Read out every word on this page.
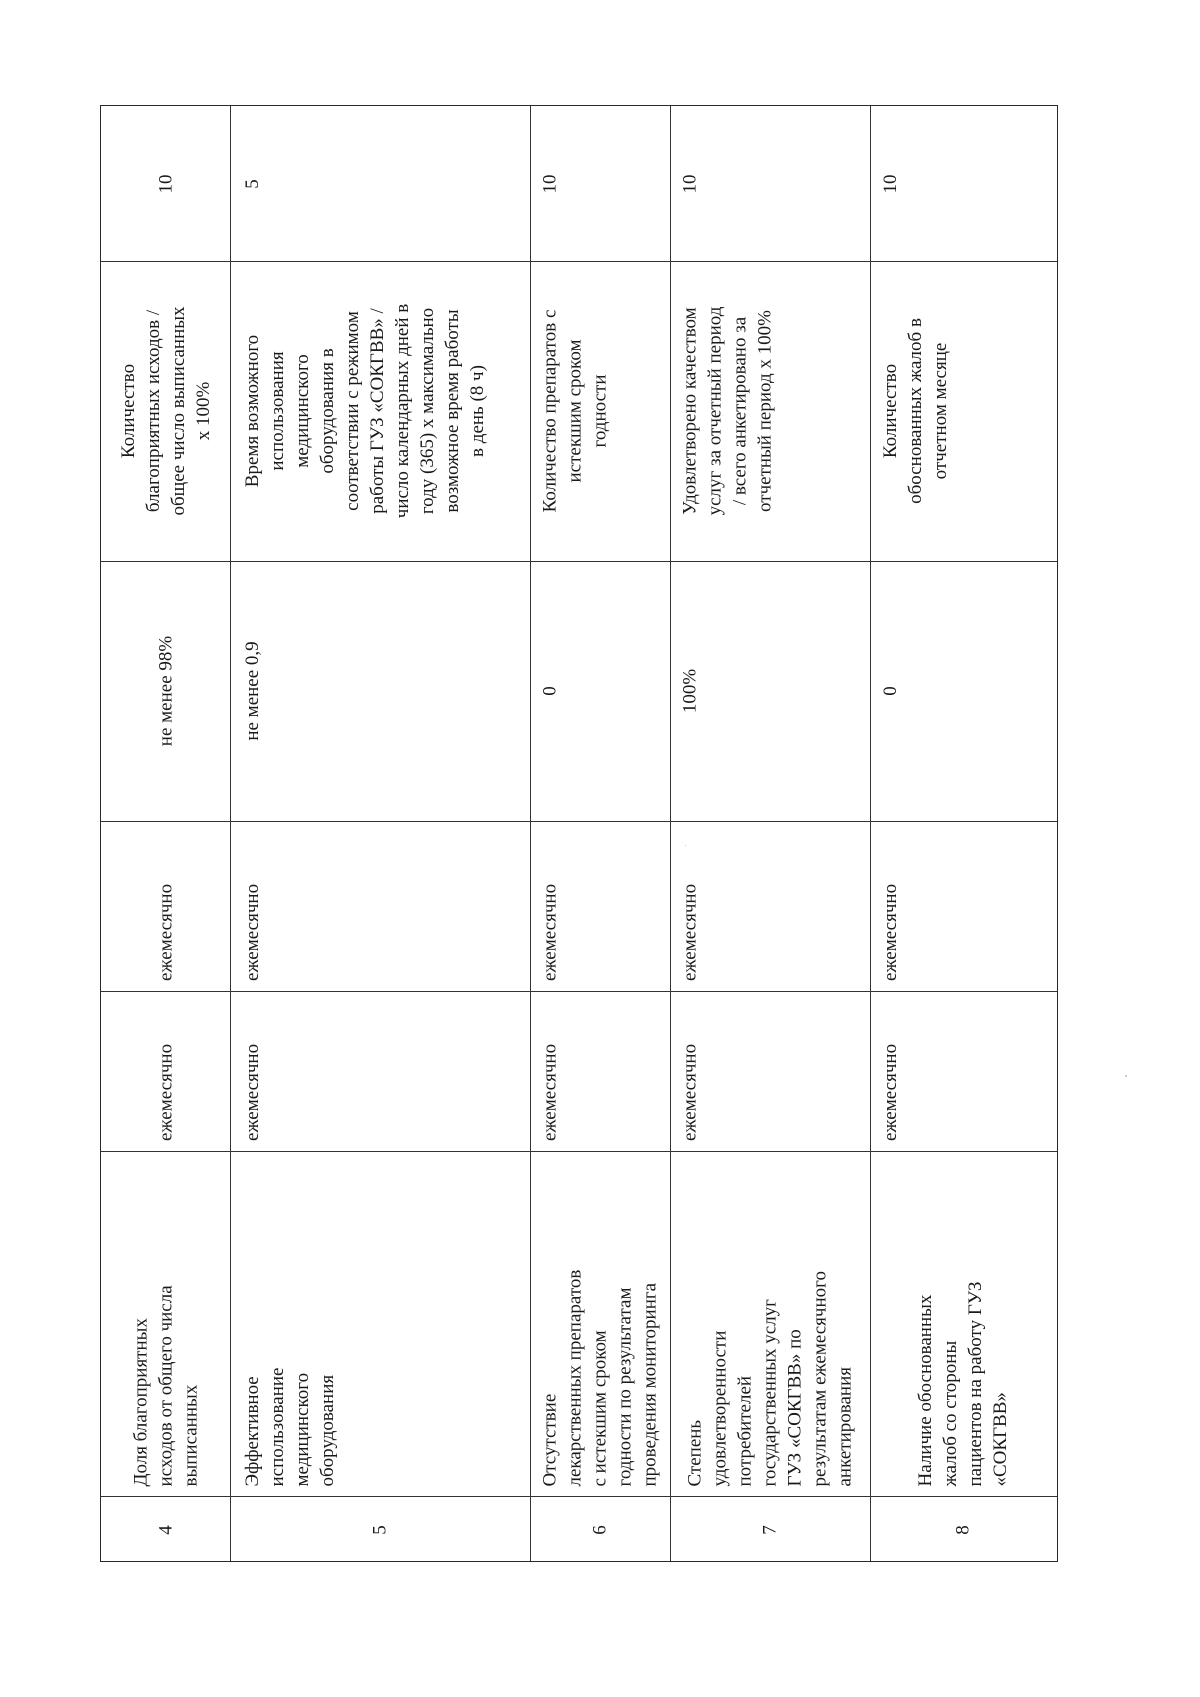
4
Доля благоприятных
исходов от общего числа
выписанных
ежемесячно
ежемесячно
не менее 98%
Количество
благоприятных исходов /
общее число выписанных
х 100%
10
5
Эффективное
использование
медицинского
оборудования
ежемесячно
ежемесячно
не менее 0,9
Время возможного
использования
медицинского
оборудования в
соответствии с режимом
работы ГУЗ «СОКГВВ» /
число календарных дней в
году (365) х максимально
возможное время работы
в день (8 ч)
5
6
Отсутствие
лекарственных препаратов
с истекшим сроком
годности по результатам
проведения мониторинга
ежемесячно
ежемесячно
0
Количество препаратов с
истекшим сроком
годности
10
7
Степень
удовлетворенности
потребителей
государственных услуг
ГУЗ «СОКГВВ» по
результатам ежемесячного
анкетирования
ежемесячно
ежемесячно
100%
Удовлетворено качеством
услуг за отчетный период
/ всего анкетировано за
отчетный период х 100%
10
8
Наличие обоснованных
жалоб со стороны
пациентов на работу ГУЗ
«СОКГВВ»
ежемесячно
ежемесячно
0
Количество
обоснованных жалоб в
отчетном месяце
10
